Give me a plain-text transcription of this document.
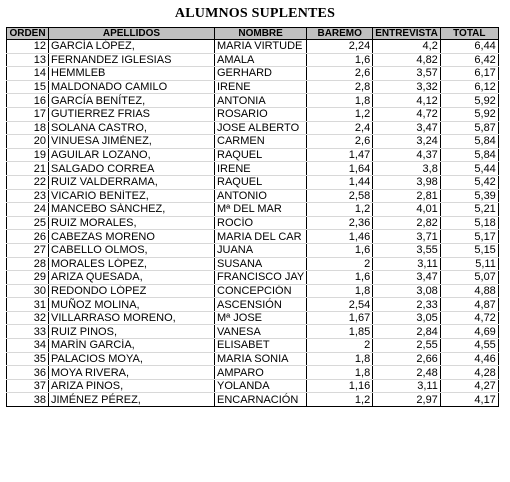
ALUMNOS SUPLENTES
ORDEN	APELLIDOS	NOMBRE	BAREMO	ENTREVISTA	TOTAL
12	GARCÍA LÓPEZ,	MARIA VIRTUDE	2,24	4,2	6,44
13	FERNANDEZ IGLESIAS	AMALA	1,6	4,82	6,42
14	HEMMLEB	GERHARD	2,6	3,57	6,17
15	MALDONADO CAMILO	IRENE	2,8	3,32	6,12
16	GARCÍA BENÍTEZ,	ANTONIA	1,8	4,12	5,92
17	GUTIERREZ FRIAS	ROSARIO	1,2	4,72	5,92
18	SOLANA CASTRO,	JOSE ALBERTO	2,4	3,47	5,87
20	VINUESA JIMÉNEZ,	CARMEN	2,6	3,24	5,84
19	AGUILAR LOZANO,	RAQUEL	1,47	4,37	5,84
21	SALGADO CORREA	IRENE	1,64	3,8	5,44
22	RUIZ VALDERRAMA,	RAQUEL	1,44	3,98	5,42
23	VICARIO BENÍTEZ,	ANTONIO	2,58	2,81	5,39
24	MANCEBO SÁNCHEZ,	Mª DEL MAR	1,2	4,01	5,21
25	RUIZ MORALES,	ROCÍO	2,36	2,82	5,18
26	CABEZAS MORENO	MARIA DEL CAR	1,46	3,71	5,17
27	CABELLO OLMOS,	JUANA	1,6	3,55	5,15
28	MORALES LÓPEZ,	SUSANA	2	3,11	5,11
29	ARIZA QUESADA,	FRANCISCO JAY	1,6	3,47	5,07
30	REDONDO LÓPEZ	CONCEPCIÓN	1,8	3,08	4,88
31	MUÑOZ MOLINA,	ASCENSIÓN	2,54	2,33	4,87
32	VILLARRASO MORENO,	Mª JOSE	1,67	3,05	4,72
33	RUIZ PINOS,	VANESA	1,85	2,84	4,69
34	MARÍN GARCÍA,	ELISABET	2	2,55	4,55
35	PALACIOS MOYA,	MARIA SONIA	1,8	2,66	4,46
36	MOYA RIVERA,	AMPARO	1,8	2,48	4,28
37	ARIZA PINOS,	YOLANDA	1,16	3,11	4,27
38	JIMÉNEZ PÉREZ,	ENCARNACIÓN	1,2	2,97	4,17
